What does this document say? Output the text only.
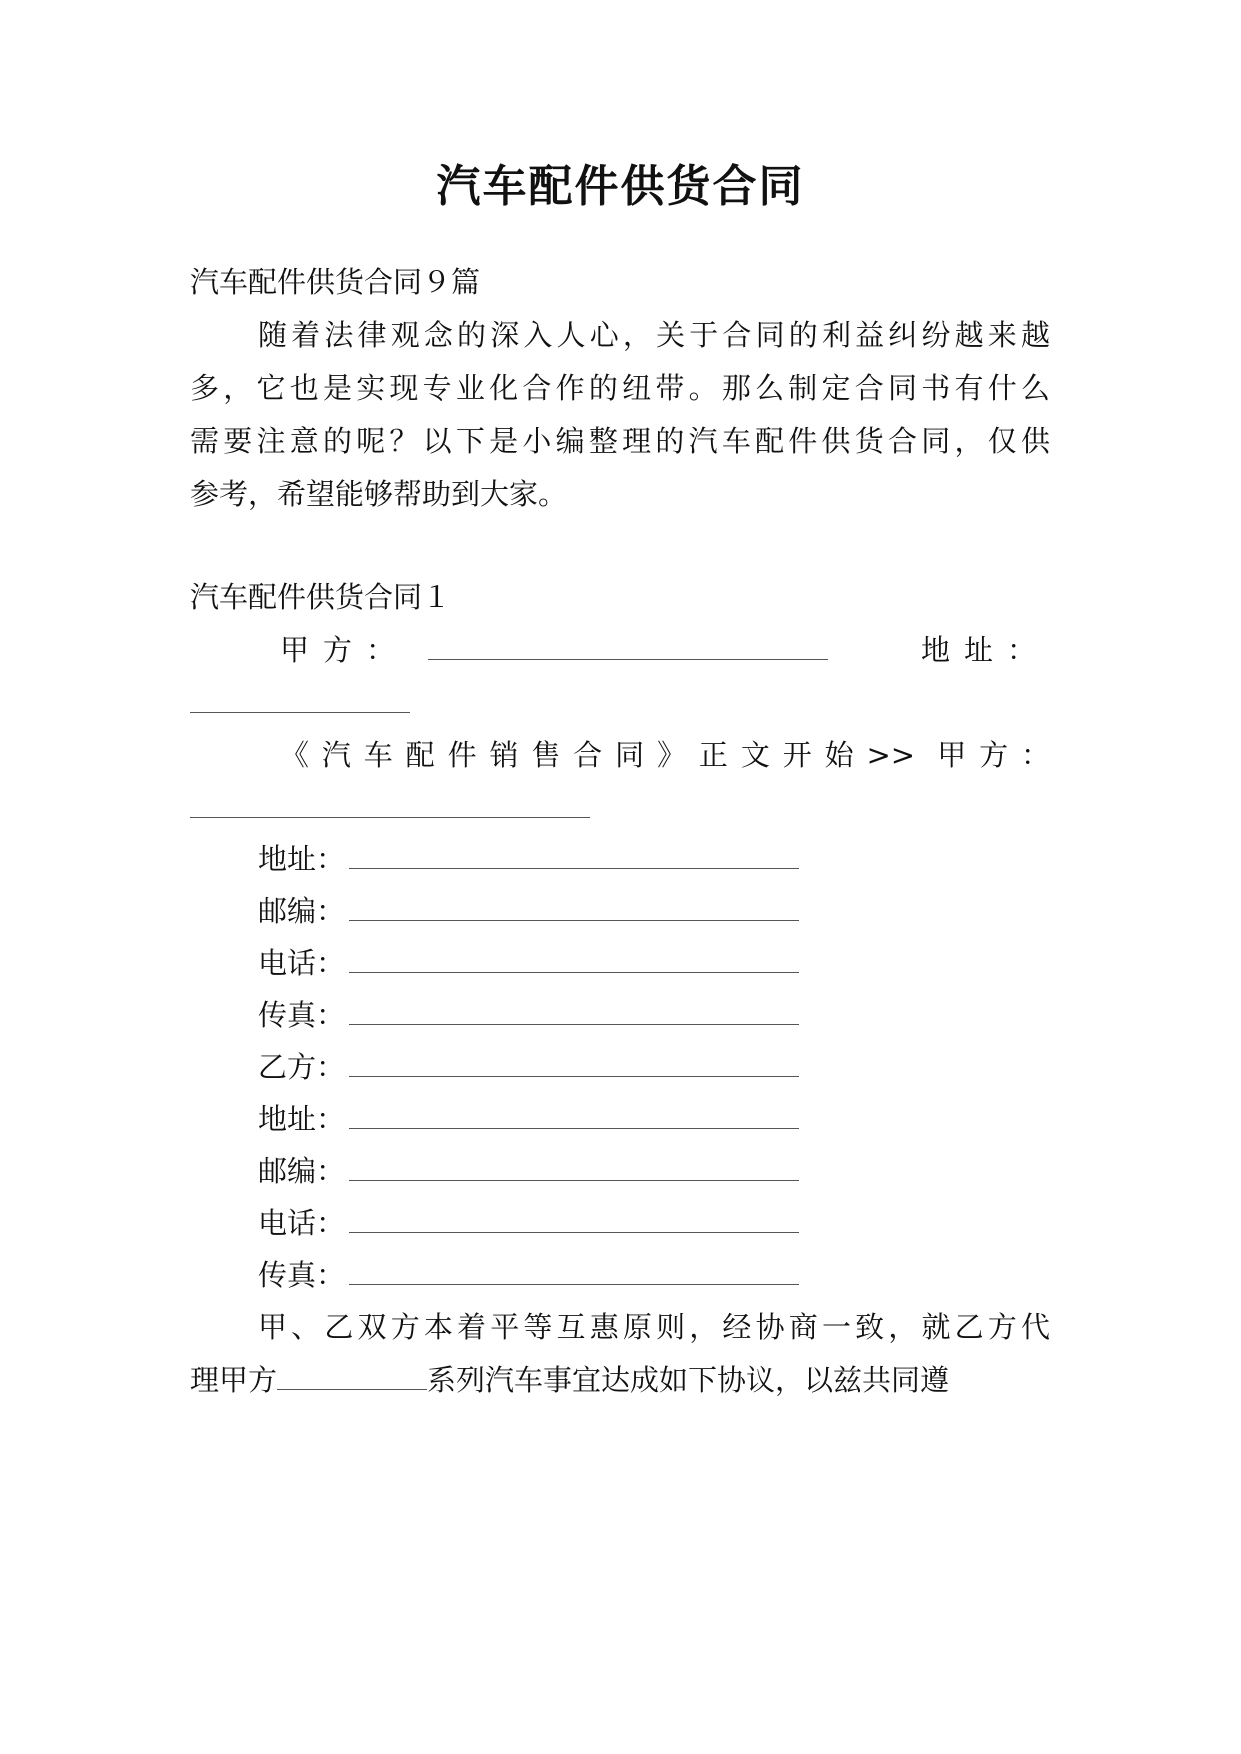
汽车配件供货合同
汽车配件供货合同９篇
随着法律观念的深入人心，关于合同的利益纠纷越来越
多，它也是实现专业化合作的纽带。那么制定合同书有什么
需要注意的呢？以下是小编整理的汽车配件供货合同，仅供
参考，希望能够帮助到大家。
汽车配件供货合同１
甲方：	地址：
《汽车配件销售合同》正文开始>> 甲方：
地址：
邮编：
电话：
传真：
乙方：
地址：
邮编：
电话：
传真：
甲、乙双方本着平等互惠原则，经协商一致，就乙方代
理甲方	系列汽车事宜达成如下协议，以兹共同遵
